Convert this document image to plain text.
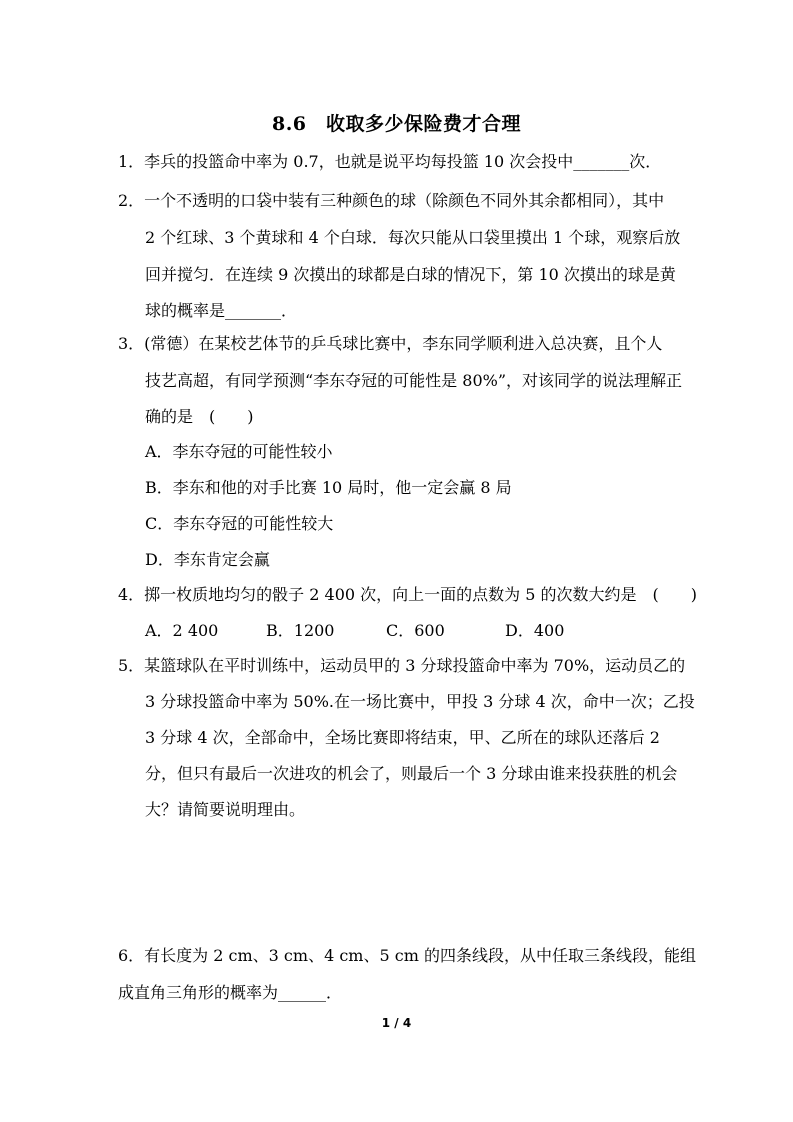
8.6　收取多少保险费才合理
1．李兵的投篮命中率为 0.7，也就是说平均每投篮 10 次会投中_______次．
2．一个不透明的口袋中装有三种颜色的球（除颜色不同外其余都相同），其中
2 个红球、3 个黄球和 4 个白球．每次只能从口袋里摸出 1 个球，观察后放
回并搅匀．在连续 9 次摸出的球都是白球的情况下，第 10 次摸出的球是黄
球的概率是_______．
3．(常德）在某校艺体节的乒乓球比赛中，李东同学顺利进入总决赛，且个人
技艺高超，有同学预测“李东夺冠的可能性是 80%”，对该同学的说法理解正
确的是　(　　)
A．李东夺冠的可能性较小
B．李东和他的对手比赛 10 局时，他一定会赢 8 局
C．李东夺冠的可能性较大
D．李东肯定会赢
4．掷一枚质地均匀的骰子 2 400 次，向上一面的点数为 5 的次数大约是　(　　)
A．2 400	B．1200	C．600	D．400
5．某篮球队在平时训练中，运动员甲的 3 分球投篮命中率为 70%，运动员乙的
3 分球投篮命中率为 50%.在一场比赛中，甲投 3 分球 4 次，命中一次；乙投
3 分球 4 次，全部命中，全场比赛即将结束，甲、乙所在的球队还落后 2
分，但只有最后一次进攻的机会了，则最后一个 3 分球由谁来投获胜的机会
大？请简要说明理由。
6．有长度为 2 cm、3 cm、4 cm、5 cm 的四条线段，从中任取三条线段，能组
成直角三角形的概率为______．
1 / 4
